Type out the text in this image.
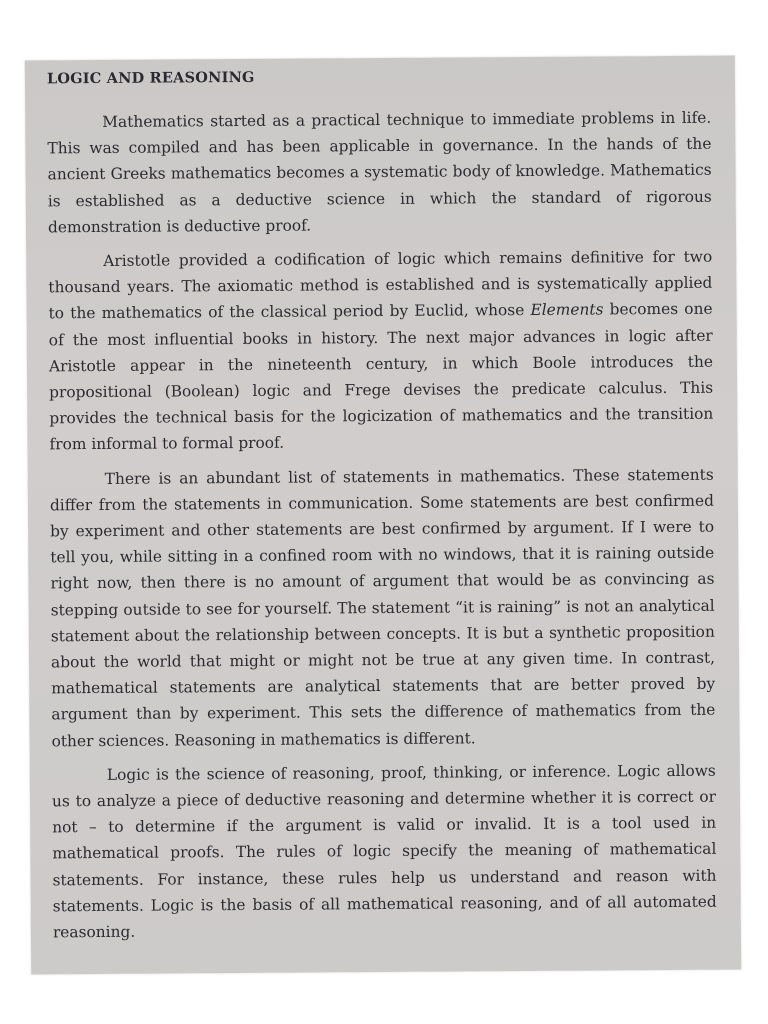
LOGIC AND REASONING

Mathematics started as a practical technique to immediate problems in life. This was compiled and has been applicable in governance. In the hands of the ancient Greeks mathematics becomes a systematic body of knowledge. Mathematics is established as a deductive science in which the standard of rigorous demonstration is deductive proof.

Aristotle provided a codification of logic which remains definitive for two thousand years. The axiomatic method is established and is systematically applied to the mathematics of the classical period by Euclid, whose Elements becomes one of the most influential books in history. The next major advances in logic after Aristotle appear in the nineteenth century, in which Boole introduces the propositional (Boolean) logic and Frege devises the predicate calculus. This provides the technical basis for the logicization of mathematics and the transition from informal to formal proof.

There is an abundant list of statements in mathematics. These statements differ from the statements in communication. Some statements are best confirmed by experiment and other statements are best confirmed by argument. If I were to tell you, while sitting in a confined room with no windows, that it is raining outside right now, then there is no amount of argument that would be as convincing as stepping outside to see for yourself. The statement “it is raining” is not an analytical statement about the relationship between concepts. It is but a synthetic proposition about the world that might or might not be true at any given time. In contrast, mathematical statements are analytical statements that are better proved by argument than by experiment. This sets the difference of mathematics from the other sciences. Reasoning in mathematics is different.

Logic is the science of reasoning, proof, thinking, or inference. Logic allows us to analyze a piece of deductive reasoning and determine whether it is correct or not – to determine if the argument is valid or invalid. It is a tool used in mathematical proofs. The rules of logic specify the meaning of mathematical statements. For instance, these rules help us understand and reason with statements. Logic is the basis of all mathematical reasoning, and of all automated reasoning.
